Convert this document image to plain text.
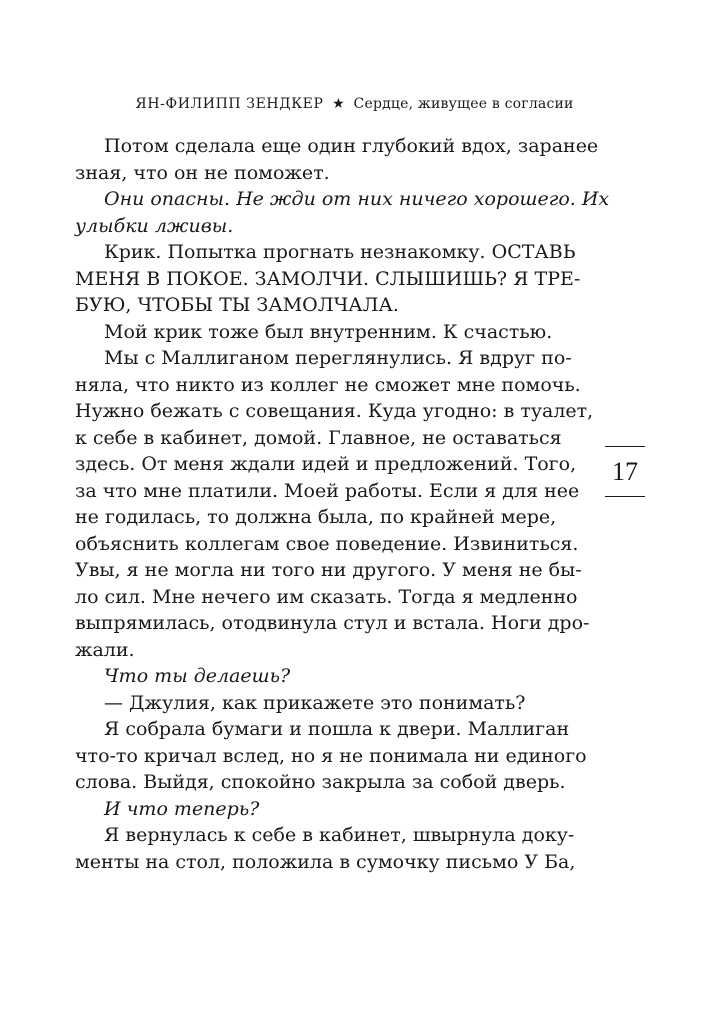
ЯН-ФИЛИПП ЗЕНДКЕР ★ Сердце, живущее в согласии
Потом сделала еще один глубокий вдох, заранее
зная, что он не поможет.
Они опасны. Не жди от них ничего хорошего. Их
улыбки лживы.
Крик. Попытка прогнать незнакомку. ОСТАВЬ
МЕНЯ В ПОКОЕ. ЗАМОЛЧИ. СЛЫШИШЬ? Я ТРЕ-
БУЮ, ЧТОБЫ ТЫ ЗАМОЛЧАЛА.
Мой крик тоже был внутренним. К счастью.
Мы с Маллиганом переглянулись. Я вдруг по-
няла, что никто из коллег не сможет мне помочь.
Нужно бежать с совещания. Куда угодно: в туалет,
к себе в кабинет, домой. Главное, не оставаться
здесь. От меня ждали идей и предложений. Того,
за что мне платили. Моей работы. Если я для нее
не годилась, то должна была, по крайней мере,
объяснить коллегам свое поведение. Извиниться.
Увы, я не могла ни того ни другого. У меня не бы-
ло сил. Мне нечего им сказать. Тогда я медленно
выпрямилась, отодвинула стул и встала. Ноги дро-
жали.
Что ты делаешь?
— Джулия, как прикажете это понимать?
Я собрала бумаги и пошла к двери. Маллиган
что-то кричал вслед, но я не понимала ни единого
слова. Выйдя, спокойно закрыла за собой дверь.
И что теперь?
Я вернулась к себе в кабинет, швырнула доку-
менты на стол, положила в сумочку письмо У Ба,
17
